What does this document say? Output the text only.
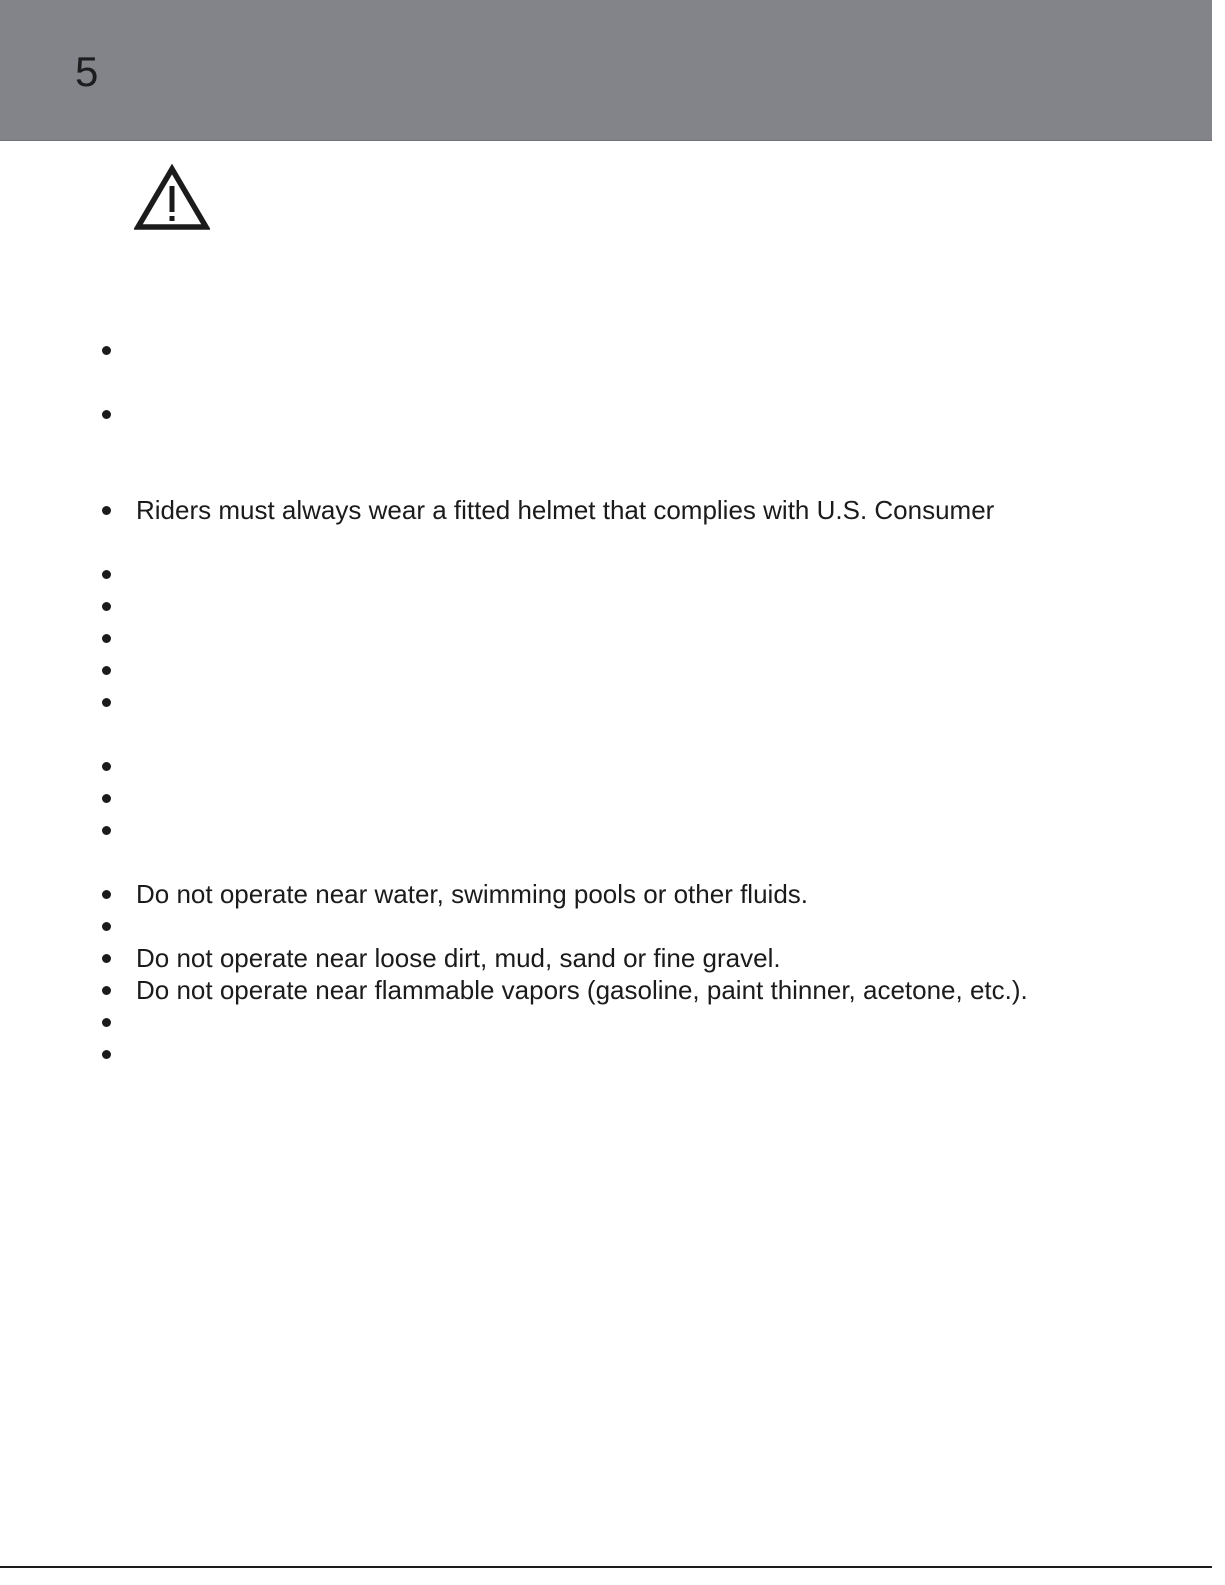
5
Riders must always wear a fitted helmet that complies with U.S. Consumer
Do not operate near water, swimming pools or other fluids.
Do not operate near loose dirt, mud, sand or fine gravel.
Do not operate near flammable vapors (gasoline, paint thinner, acetone, etc.).
